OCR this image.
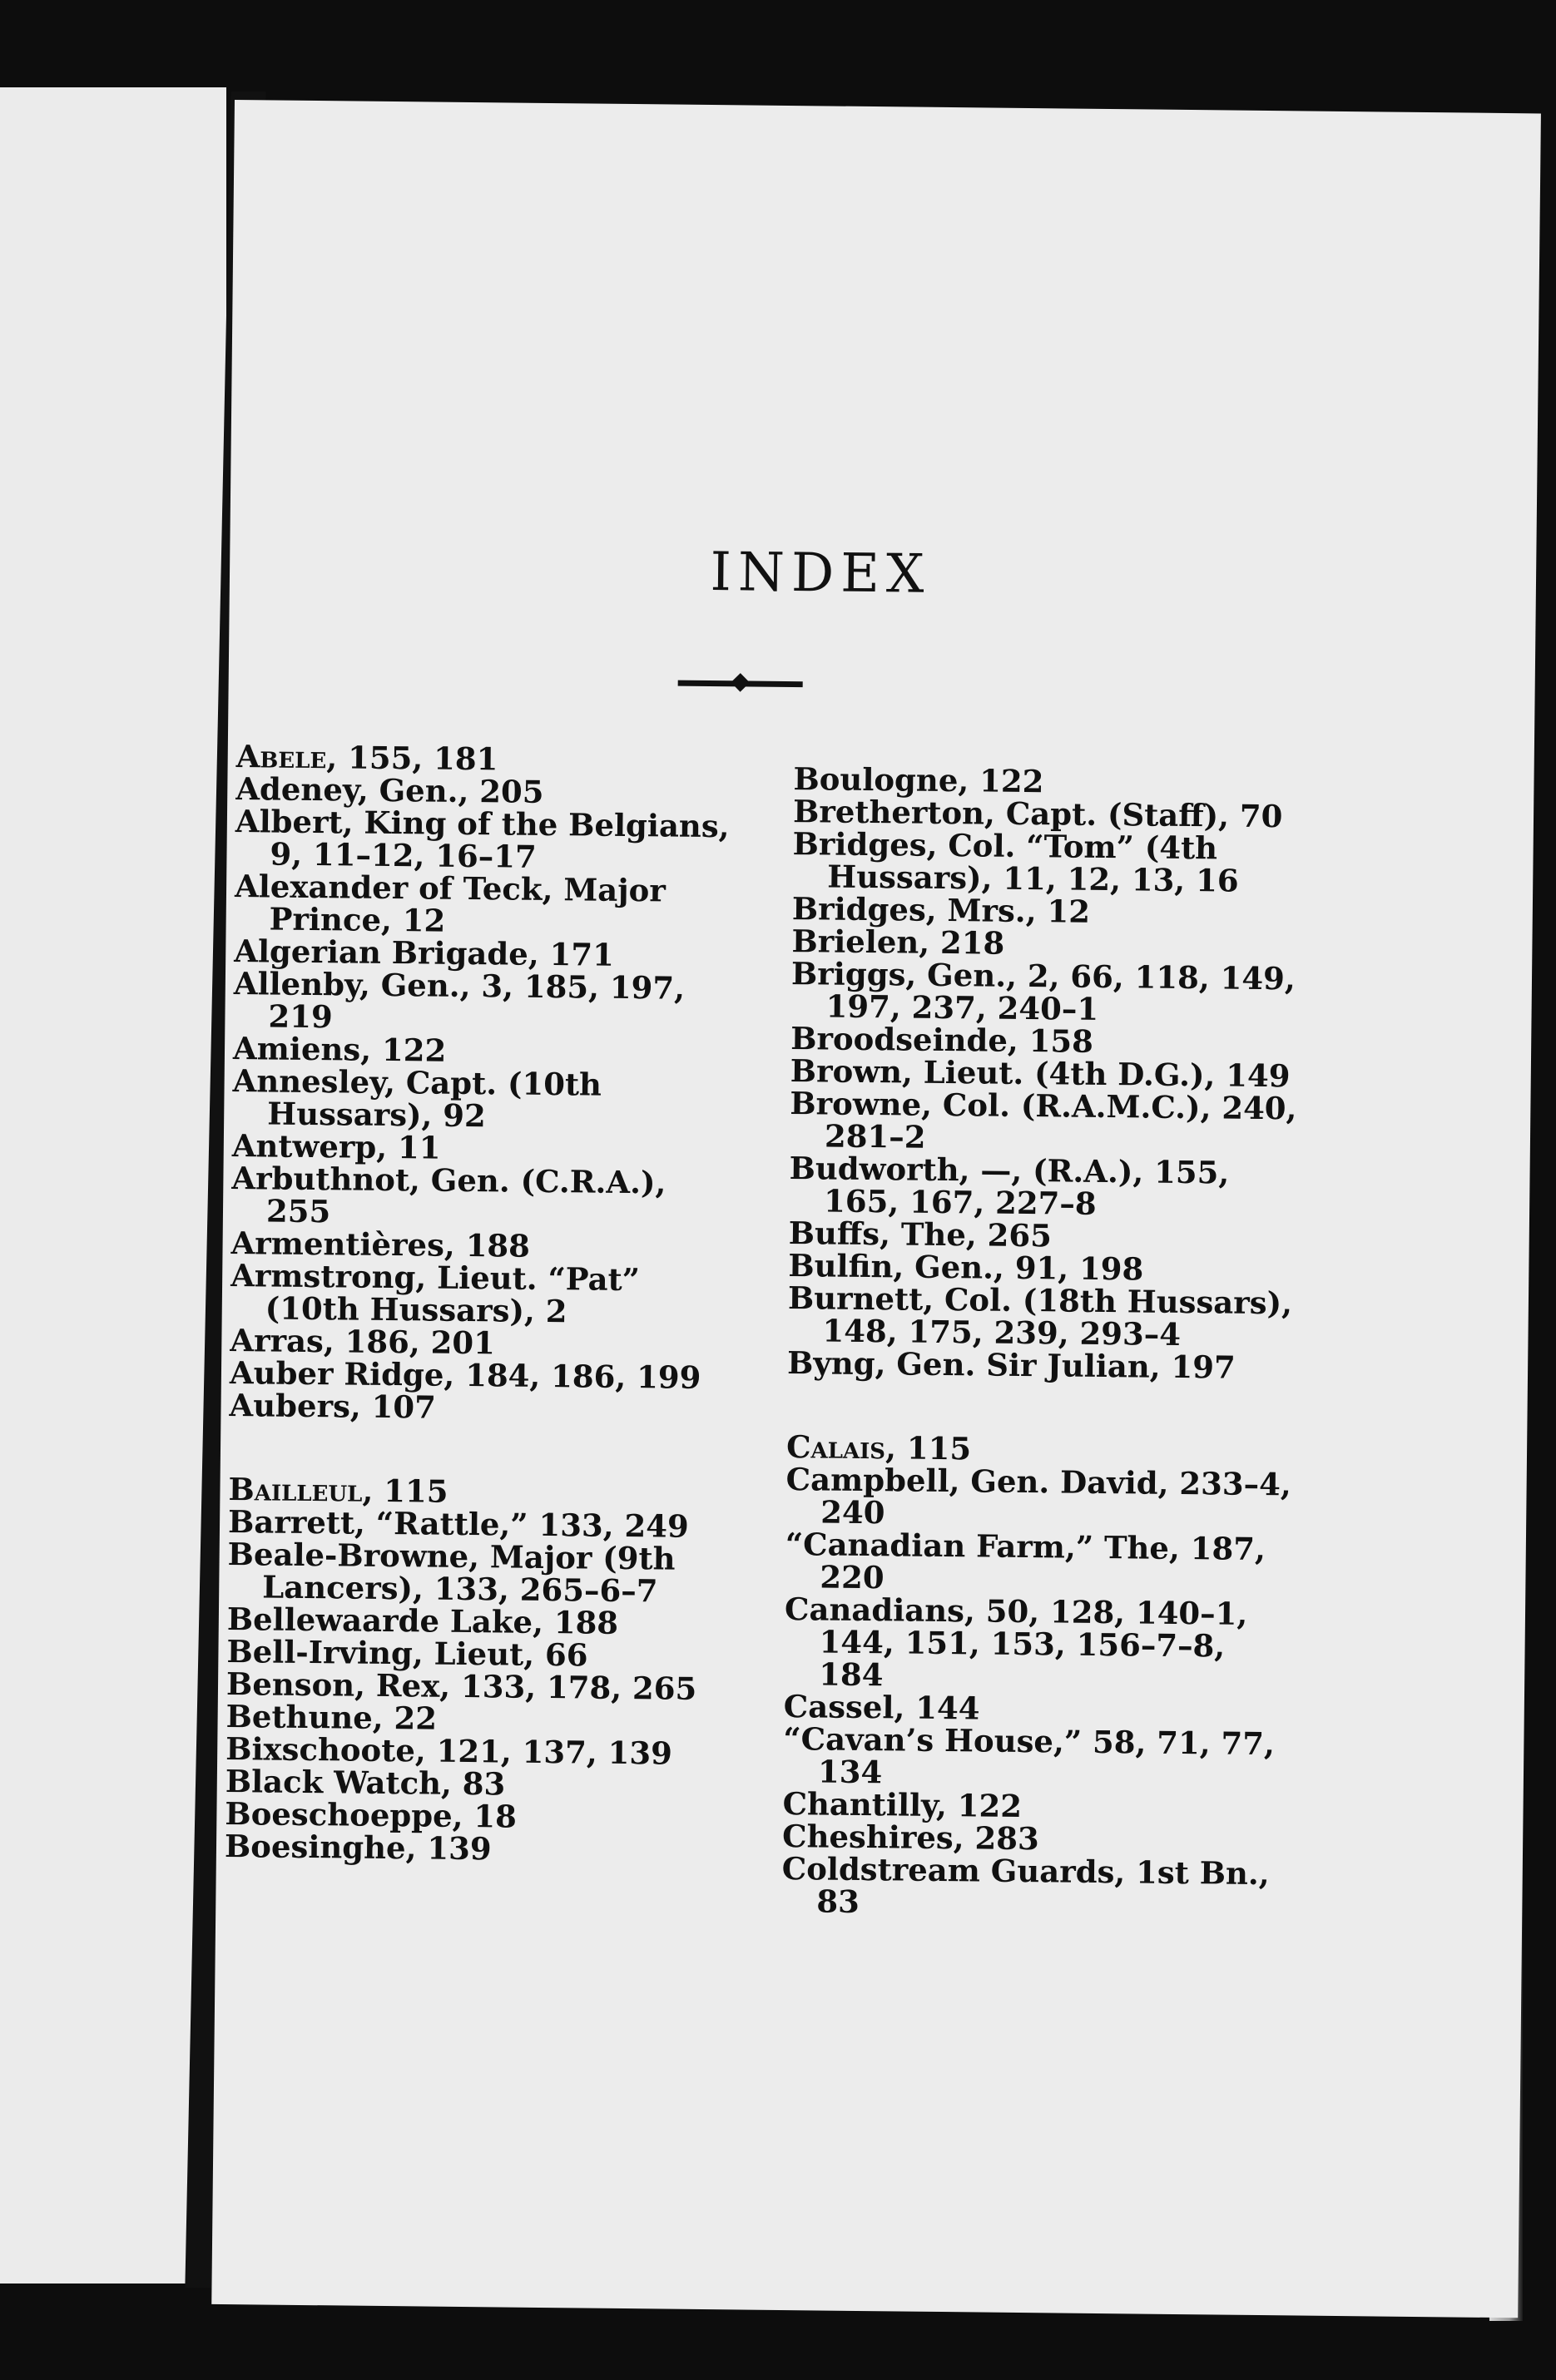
INDEX
Abele, 155, 181
Adeney, Gen., 205
Albert, King of the Belgians, 9, 11–12, 16–17
Alexander of Teck, Major Prince, 12
Algerian Brigade, 171
Allenby, Gen., 3, 185, 197, 219
Amiens, 122
Annesley, Capt. (10th Hussars), 92
Antwerp, 11
Arbuthnot, Gen. (C.R.A.), 255
Armentières, 188
Armstrong, Lieut. “Pat” (10th Hussars), 2
Arras, 186, 201
Auber Ridge, 184, 186, 199
Aubers, 107
Bailleul, 115
Barrett, “Rattle,” 133, 249
Beale-Browne, Major (9th Lancers), 133, 265–6–7
Bellewaarde Lake, 188
Bell-Irving, Lieut, 66
Benson, Rex, 133, 178, 265
Bethune, 22
Bixschoote, 121, 137, 139
Black Watch, 83
Boeschoeppe, 18
Boesinghe, 139
Boulogne, 122
Bretherton, Capt. (Staff), 70
Bridges, Col. “Tom” (4th Hussars), 11, 12, 13, 16
Bridges, Mrs., 12
Brielen, 218
Briggs, Gen., 2, 66, 118, 149, 197, 237, 240–1
Broodseinde, 158
Brown, Lieut. (4th D.G.), 149
Browne, Col. (R.A.M.C.), 240, 281–2
Budworth, —, (R.A.), 155, 165, 167, 227–8
Buffs, The, 265
Bulfin, Gen., 91, 198
Burnett, Col. (18th Hussars), 148, 175, 239, 293–4
Byng, Gen. Sir Julian, 197
Calais, 115
Campbell, Gen. David, 233–4, 240
“Canadian Farm,” The, 187, 220
Canadians, 50, 128, 140–1, 144, 151, 153, 156–7–8, 184
Cassel, 144
“Cavan’s House,” 58, 71, 77, 134
Chantilly, 122
Cheshires, 283
Coldstream Guards, 1st Bn., 83
